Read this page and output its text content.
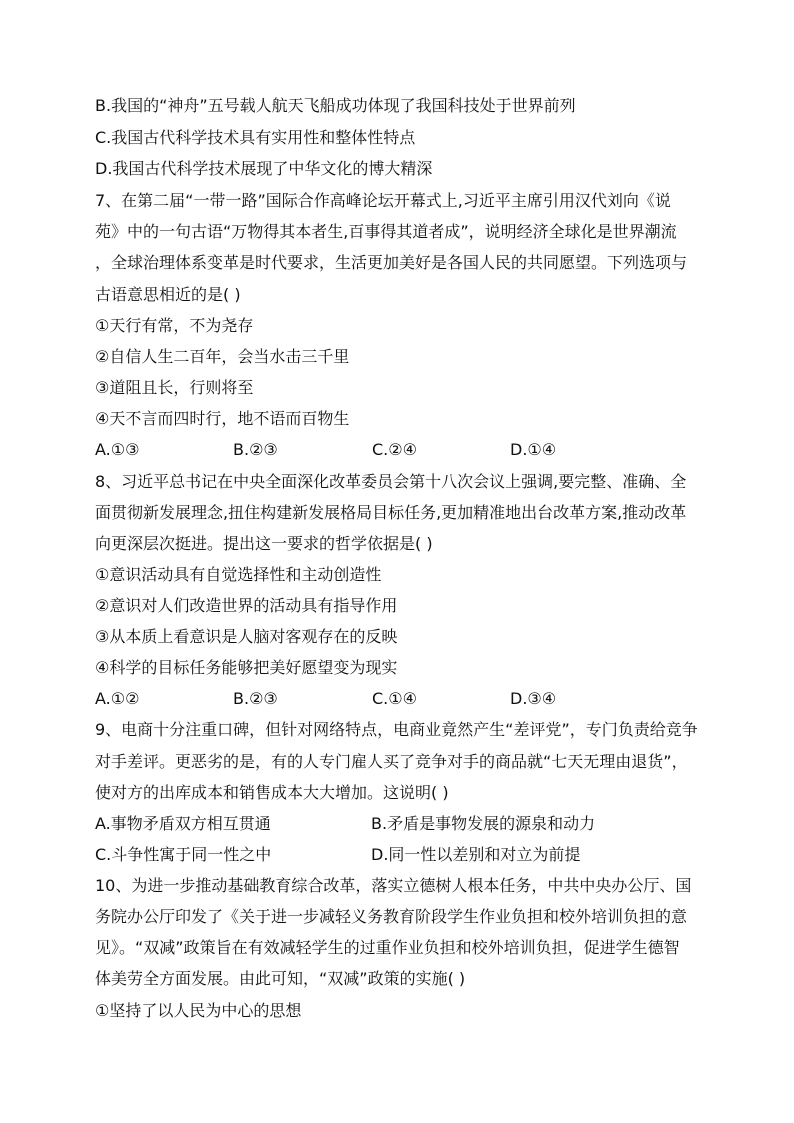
B.我国的“神舟”五号载人航天飞船成功体现了我国科技处于世界前列
C.我国古代科学技术具有实用性和整体性特点
D.我国古代科学技术展现了中华文化的博大精深
7、在第二届“一带一路”国际合作高峰论坛开幕式上,习近平主席引用汉代刘向《说
苑》中的一句古语“万物得其本者生,百事得其道者成”，说明经济全球化是世界潮流
，全球治理体系变革是时代要求，生活更加美好是各国人民的共同愿望。下列选项与
古语意思相近的是( )
①天行有常，不为尧存
②自信人生二百年，会当水击三千里
③道阻且长，行则将至
④天不言而四时行，地不语而百物生
A.①③	B.②③	C.②④	D.①④
8、习近平总书记在中央全面深化改革委员会第十八次会议上强调,要完整、准确、全
面贯彻新发展理念,扭住构建新发展格局目标任务,更加精准地出台改革方案,推动改革
向更深层次挺进。提出这一要求的哲学依据是( )
①意识活动具有自觉选择性和主动创造性
②意识对人们改造世界的活动具有指导作用
③从本质上看意识是人脑对客观存在的反映
④科学的目标任务能够把美好愿望变为现实
A.①②	B.②③	C.①④	D.③④
9、电商十分注重口碑，但针对网络特点，电商业竟然产生“差评党”，专门负责给竞争
对手差评。更恶劣的是，有的人专门雇人买了竞争对手的商品就“七天无理由退货”，
使对方的出库成本和销售成本大大增加。这说明( )
A.事物矛盾双方相互贯通	B.矛盾是事物发展的源泉和动力
C.斗争性寓于同一性之中	D.同一性以差别和对立为前提
10、为进一步推动基础教育综合改革，落实立德树人根本任务，中共中央办公厅、国
务院办公厅印发了《关于进一步减轻义务教育阶段学生作业负担和校外培训负担的意
见》。“双减”政策旨在有效减轻学生的过重作业负担和校外培训负担，促进学生德智
体美劳全方面发展。由此可知，“双减”政策的实施( )
①坚持了以人民为中心的思想
